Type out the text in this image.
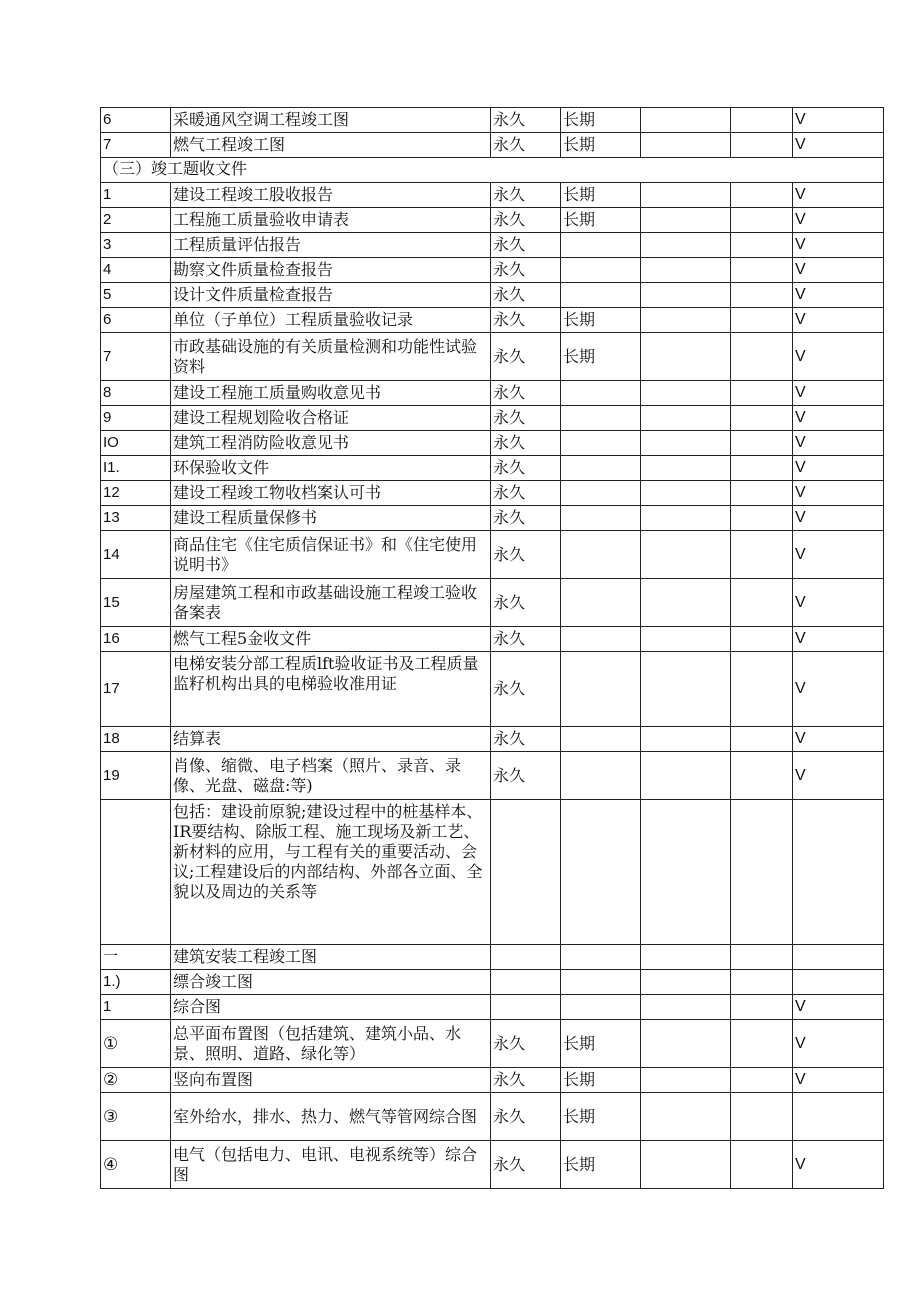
6	采暖通风空调工程竣工图	永久	长期			V
7	燃气工程竣工图	永久	长期			V
（三）竣工题收文件						
1	建设工程竣工股收报告	永久	长期			V
2	工程施工质量验收申请表	永久	长期			V
3	工程质量评估报告	永久				V
4	勘察文件质量检查报告	永久				V
5	设计文件质量检查报告	永久				V
6	单位（子单位）工程质量验收记录	永久	长期			V
7	市政基础设施的有关质量检测和功能性试验资料	永久	长期			V
8	建设工程施工质量购收意见书	永久				V
9	建设工程规划险收合格证	永久				V
IO	建筑工程消防险收意见书	永久				V
I1.	环保验收文件	永久				V
12	建设工程竣工物收档案认可书	永久				V
13	建设工程质量保修书	永久				V
14	商品住宅《住宅质信保证书》和《住宅使用说明书》	永久				V
15	房屋建筑工程和市政基础设施工程竣工验收备案表	永久				V
16	燃气工程5金收文件	永久				V
17	电梯安装分部工程质lft验收证书及工程质量监籽机构出具的电梯验收准用证	永久				V
18	结算表	永久				V
19	肖像、缩微、电子档案（照片、录音、录像、光盘、磁盘:等)	永久				V
	包括：建设前原貌;建设过程中的桩基样本、IR要结构、除版工程、施工现场及新工艺、新材料的应用，与工程有关的重要活动、会议;工程建设后的内部结构、外部各立面、全貌以及周边的关系等					
一	建筑安装工程竣工图					
1.)	缥合竣工图					
1	综合图					V
①	总平面布置图（包括建筑、建筑小品、水景、照明、道路、绿化等）	永久	长期			V
②	竖向布置图	永久	长期			V
③	室外给水，排水、热力、燃气等管网综合图	永久	长期			
④	电气（包括电力、电讯、电视系统等）综合图	永久	长期			V
